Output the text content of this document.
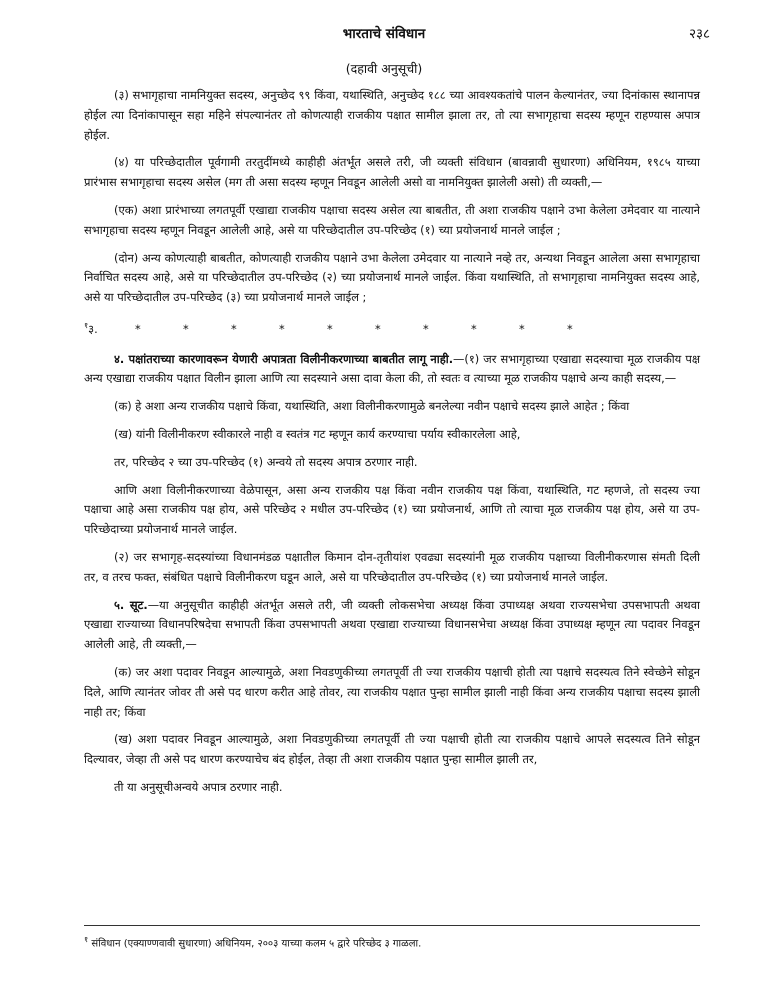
भारताचे संविधान	२३८
(दहावी अनुसूची)

(३) सभागृहाचा नामनियुक्त सदस्य, अनुच्छेद ९९ किंवा, यथास्थिति, अनुच्छेद १८८ च्या आवश्यकतांचे पालन केल्यानंतर, ज्या दिनांकास स्थानापन्न होईल त्या दिनांकापासून सहा महिने संपल्यानंतर तो कोणत्याही राजकीय पक्षात सामील झाला तर, तो त्या सभागृहाचा सदस्य म्हणून राहण्यास अपात्र होईल.

(४) या परिच्छेदातील पूर्वगामी तरतुदींमध्ये काहीही अंतर्भूत असले तरी, जी व्यक्ती संविधान (बावन्नावी सुधारणा) अधिनियम, १९८५ याच्या प्रारंभास सभागृहाचा सदस्य असेल (मग ती असा सदस्य म्हणून निवडून आलेली असो वा नामनियुक्त झालेली असो) ती व्यक्ती,—

(एक) अशा प्रारंभाच्या लगतपूर्वी एखाद्या राजकीय पक्षाचा सदस्य असेल त्या बाबतीत, ती अशा राजकीय पक्षाने उभा केलेला उमेदवार या नात्याने सभागृहाचा सदस्य म्हणून निवडून आलेली आहे, असे या परिच्छेदातील उप-परिच्छेद (१) च्या प्रयोजनार्थ मानले जाईल ;

(दोन) अन्य कोणत्याही बाबतीत, कोणत्याही राजकीय पक्षाने उभा केलेला उमेदवार या नात्याने नव्हे तर, अन्यथा निवडून आलेला असा सभागृहाचा निर्वाचित सदस्य आहे, असे या परिच्छेदातील उप-परिच्छेद (२) च्या प्रयोजनार्थ मानले जाईल. किंवा यथास्थिति, तो सभागृहाचा नामनियुक्त सदस्य आहे, असे या परिच्छेदातील उप-परिच्छेद (३) च्या प्रयोजनार्थ मानले जाईल ;

$^१$३.	*	*	*	*	*	*	*	*	*	*

४. पक्षांतराच्या कारणावरून येणारी अपात्रता विलीनीकरणाच्या बाबतीत लागू नाही.—(१) जर सभागृहाच्या एखाद्या सदस्याचा मूळ राजकीय पक्ष अन्य एखाद्या राजकीय पक्षात विलीन झाला आणि त्या सदस्याने असा दावा केला की, तो स्वतः व त्याच्या मूळ राजकीय पक्षाचे अन्य काही सदस्य,—

(क) हे अशा अन्य राजकीय पक्षाचे किंवा, यथास्थिति, अशा विलीनीकरणामुळे बनलेल्या नवीन पक्षाचे सदस्य झाले आहेत ; किंवा

(ख) यांनी विलीनीकरण स्वीकारले नाही व स्वतंत्र गट म्हणून कार्य करण्याचा पर्याय स्वीकारलेला आहे,

तर, परिच्छेद २ च्या उप-परिच्छेद (१) अन्वये तो सदस्य अपात्र ठरणार नाही.

आणि अशा विलीनीकरणाच्या वेळेपासून, असा अन्य राजकीय पक्ष किंवा नवीन राजकीय पक्ष किंवा, यथास्थिति, गट म्हणजे, तो सदस्य ज्या पक्षाचा आहे असा राजकीय पक्ष होय, असे परिच्छेद २ मधील उप-परिच्छेद (१) च्या प्रयोजनार्थ, आणि तो त्याचा मूळ राजकीय पक्ष होय, असे या उप-परिच्छेदाच्या प्रयोजनार्थ मानले जाईल.

(२) जर सभागृह-सदस्यांच्या विधानमंडळ पक्षातील किमान दोन-तृतीयांश एवढ्या सदस्यांनी मूळ राजकीय पक्षाच्या विलीनीकरणास संमती दिली तर, व तरच फक्त, संबंधित पक्षाचे विलीनीकरण घडून आले, असे या परिच्छेदातील उप-परिच्छेद (१) च्या प्रयोजनार्थ मानले जाईल.

५. सूट.—या अनुसूचीत काहीही अंतर्भूत असले तरी, जी व्यक्ती लोकसभेचा अध्यक्ष किंवा उपाध्यक्ष अथवा राज्यसभेचा उपसभापती अथवा एखाद्या राज्याच्या विधानपरिषदेचा सभापती किंवा उपसभापती अथवा एखाद्या राज्याच्या विधानसभेचा अध्यक्ष किंवा उपाध्यक्ष म्हणून त्या पदावर निवडून आलेली आहे, ती व्यक्ती,—

(क) जर अशा पदावर निवडून आल्यामुळे, अशा निवडणुकीच्या लगतपूर्वी ती ज्या राजकीय पक्षाची होती त्या पक्षाचे सदस्यत्व तिने स्वेच्छेने सोडून दिले, आणि त्यानंतर जोवर ती असे पद धारण करीत आहे तोवर, त्या राजकीय पक्षात पुन्हा सामील झाली नाही किंवा अन्य राजकीय पक्षाचा सदस्य झाली नाही तर; किंवा

(ख) अशा पदावर निवडून आल्यामुळे, अशा निवडणुकीच्या लगतपूर्वी ती ज्या पक्षाची होती त्या राजकीय पक्षाचे आपले सदस्यत्व तिने सोडून दिल्यावर, जेव्हा ती असे पद धारण करण्याचेच बंद होईल, तेव्हा ती अशा राजकीय पक्षात पुन्हा सामील झाली तर,

ती या अनुसूचीअन्वये अपात्र ठरणार नाही.

$^१$ संविधान (एक्याण्णवावी सुधारणा) अधिनियम, २००३ याच्या कलम ५ द्वारे परिच्छेद ३ गाळला.
